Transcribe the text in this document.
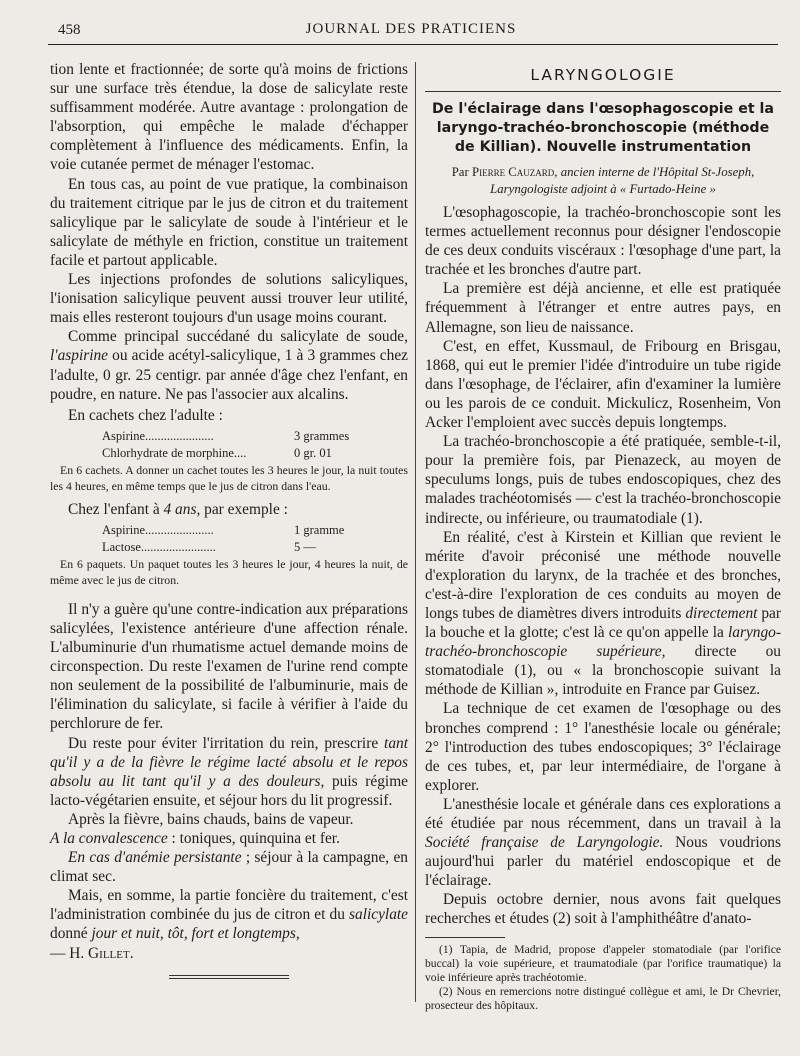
458	JOURNAL DES PRATICIENS

tion lente et fractionnée; de sorte qu'à moins de frictions sur une surface très étendue, la dose de salicylate reste suffisamment modérée. Autre avantage : prolongation de l'absorption, qui empêche le malade d'échapper complètement à l'influence des médicaments. Enfin, la voie cutanée permet de ménager l'estomac.

En tous cas, au point de vue pratique, la combinaison du traitement citrique par le jus de citron et du traitement salicylique par le salicylate de soude à l'intérieur et le salicylate de méthyle en friction, constitue un traitement facile et partout applicable.

Les injections profondes de solutions salicyliques, l'ionisation salicylique peuvent aussi trouver leur utilité, mais elles resteront toujours d'un usage moins courant.

Comme principal succédané du salicylate de soude, l'aspirine ou acide acétyl-salicylique, 1 à 3 grammes chez l'adulte, 0 gr. 25 centigr. par année d'âge chez l'enfant, en poudre, en nature. Ne pas l'associer aux alcalins.

En cachets chez l'adulte :

Aspirine......................	3 grammes
Chlorhydrate de morphine....	0 gr. 01
En 6 cachets. A donner un cachet toutes les 3 heures le jour, la nuit toutes les 4 heures, en même temps que le jus de citron dans l'eau.

Chez l'enfant à 4 ans, par exemple :

Aspirine......................	1 gramme
Lactose........................	5 —
En 6 paquets. Un paquet toutes les 3 heures le jour, 4 heures la nuit, de même avec le jus de citron.

Il n'y a guère qu'une contre-indication aux préparations salicylées, l'existence antérieure d'une affection rénale. L'albuminurie d'un rhumatisme actuel demande moins de circonspection. Du reste l'examen de l'urine rend compte non seulement de la possibilité de l'albuminurie, mais de l'élimination du salicylate, si facile à vérifier à l'aide du perchlorure de fer.

Du reste pour éviter l'irritation du rein, prescrire tant qu'il y a de la fièvre le régime lacté absolu et le repos absolu au lit tant qu'il y a des douleurs, puis régime lacto-végétarien ensuite, et séjour hors du lit progressif.

Après la fièvre, bains chauds, bains de vapeur.

A la convalescence : toniques, quinquina et fer.

En cas d'anémie persistante ; séjour à la campagne, en climat sec.

Mais, en somme, la partie foncière du traitement, c'est l'administration combinée du jus de citron et du salicylate donné jour et nuit, tôt, fort et longtemps,
— H. Gillet.

LARYNGOLOGIE
De l'éclairage dans l'œsophagoscopie et la laryngo-trachéo-bronchoscopie (méthode de Killian). Nouvelle instrumentation
Par Pierre Cauzard, ancien interne de l'Hôpital St-Joseph, Laryngologiste adjoint à « Furtado-Heine »

L'œsophagoscopie, la trachéo-bronchoscopie sont les termes actuellement reconnus pour désigner l'endoscopie de ces deux conduits viscéraux : l'œsophage d'une part, la trachée et les bronches d'autre part.

La première est déjà ancienne, et elle est pratiquée fréquemment à l'étranger et entre autres pays, en Allemagne, son lieu de naissance.

C'est, en effet, Kussmaul, de Fribourg en Brisgau, 1868, qui eut le premier l'idée d'introduire un tube rigide dans l'œsophage, de l'éclairer, afin d'examiner la lumière ou les parois de ce conduit. Mickulicz, Rosenheim, Von Acker l'emploient avec succès depuis longtemps.

La trachéo-bronchoscopie a été pratiquée, semble-t-il, pour la première fois, par Pienazeck, au moyen de speculums longs, puis de tubes endoscopiques, chez des malades trachéotomisés — c'est la trachéo-bronchoscopie indirecte, ou inférieure, ou traumatodiale (1).

En réalité, c'est à Kirstein et Killian que revient le mérite d'avoir préconisé une méthode nouvelle d'exploration du larynx, de la trachée et des bronches, c'est-à-dire l'exploration de ces conduits au moyen de longs tubes de diamètres divers introduits directement par la bouche et la glotte; c'est là ce qu'on appelle la laryngo-trachéo-bronchoscopie supérieure, directe ou stomatodiale (1), ou « la bronchoscopie suivant la méthode de Killian », introduite en France par Guisez.

La technique de cet examen de l'œsophage ou des bronches comprend : 1° l'anesthésie locale ou générale; 2° l'introduction des tubes endoscopiques; 3° l'éclairage de ces tubes, et, par leur intermédiaire, de l'organe à explorer.

L'anesthésie locale et générale dans ces explorations a été étudiée par nous récemment, dans un travail à la Société française de Laryngologie. Nous voudrions aujourd'hui parler du matériel endoscopique et de l'éclairage.

Depuis octobre dernier, nous avons fait quelques recherches et études (2) soit à l'amphithéâtre d'anato-

(1) Tapia, de Madrid, propose d'appeler stomatodiale (par l'orifice buccal) la voie supérieure, et traumatodiale (par l'orifice traumatique) la voie inférieure après trachéotomie.
(2) Nous en remercions notre distingué collègue et ami, le Dr Chevrier, prosecteur des hôpitaux.
